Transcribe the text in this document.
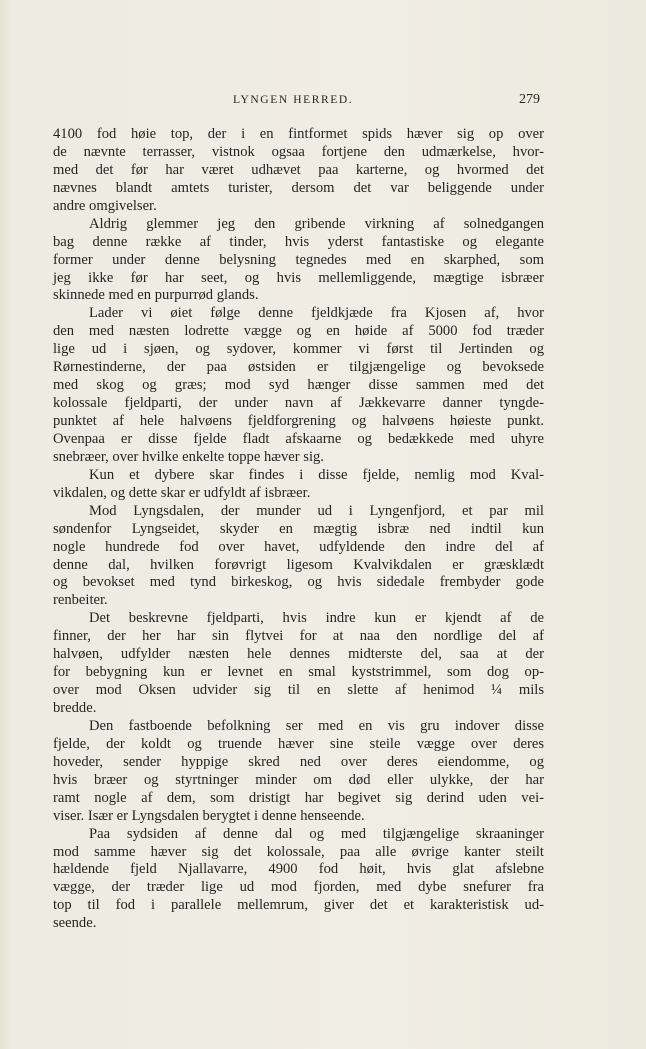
LYNGEN HERRED.	279
4100 fod høie top, der i en fintformet spids hæver sig op over
de nævnte terrasser, vistnok ogsaa fortjene den udmærkelse, hvor-
med det før har været udhævet paa karterne, og hvormed det
nævnes blandt amtets turister, dersom det var beliggende under
andre omgivelser.
Aldrig glemmer jeg den gribende virkning af solnedgangen
bag denne række af tinder, hvis yderst fantastiske og elegante
former under denne belysning tegnedes med en skarphed, som
jeg ikke før har seet, og hvis mellemliggende, mægtige isbræer
skinnede med en purpurrød glands.
Lader vi øiet følge denne fjeldkjæde fra Kjosen af, hvor
den med næsten lodrette vægge og en høide af 5000 fod træder
lige ud i sjøen, og sydover, kommer vi først til Jertinden og
Rørnestinderne, der paa østsiden er tilgjængelige og bevoksede
med skog og græs; mod syd hænger disse sammen med det
kolossale fjeldparti, der under navn af Jækkevarre danner tyngde-
punktet af hele halvøens fjeldforgrening og halvøens høieste punkt.
Ovenpaa er disse fjelde fladt afskaarne og bedækkede med uhyre
snebræer, over hvilke enkelte toppe hæver sig.
Kun et dybere skar findes i disse fjelde, nemlig mod Kval-
vikdalen, og dette skar er udfyldt af isbræer.
Mod Lyngsdalen, der munder ud i Lyngenfjord, et par mil
søndenfor Lyngseidet, skyder en mægtig isbræ ned indtil kun
nogle hundrede fod over havet, udfyldende den indre del af
denne dal, hvilken forøvrigt ligesom Kvalvikdalen er græsklædt
og bevokset med tynd birkeskog, og hvis sidedale frembyder gode
renbeiter.
Det beskrevne fjeldparti, hvis indre kun er kjendt af de
finner, der her har sin flytvei for at naa den nordlige del af
halvøen, udfylder næsten hele dennes midterste del, saa at der
for bebygning kun er levnet en smal kyststrimmel, som dog op-
over mod Oksen udvider sig til en slette af henimod ¼ mils
bredde.
Den fastboende befolkning ser med en vis gru indover disse
fjelde, der koldt og truende hæver sine steile vægge over deres
hoveder, sender hyppige skred ned over deres eiendomme, og
hvis bræer og styrtninger minder om død eller ulykke, der har
ramt nogle af dem, som dristigt har begivet sig derind uden vei-
viser. Især er Lyngsdalen berygtet i denne henseende.
Paa sydsiden af denne dal og med tilgjængelige skraaninger
mod samme hæver sig det kolossale, paa alle øvrige kanter steilt
hældende fjeld Njallavarre, 4900 fod høit, hvis glat afslebne
vægge, der træder lige ud mod fjorden, med dybe snefurer fra
top til fod i parallele mellemrum, giver det et karakteristisk ud-
seende.
